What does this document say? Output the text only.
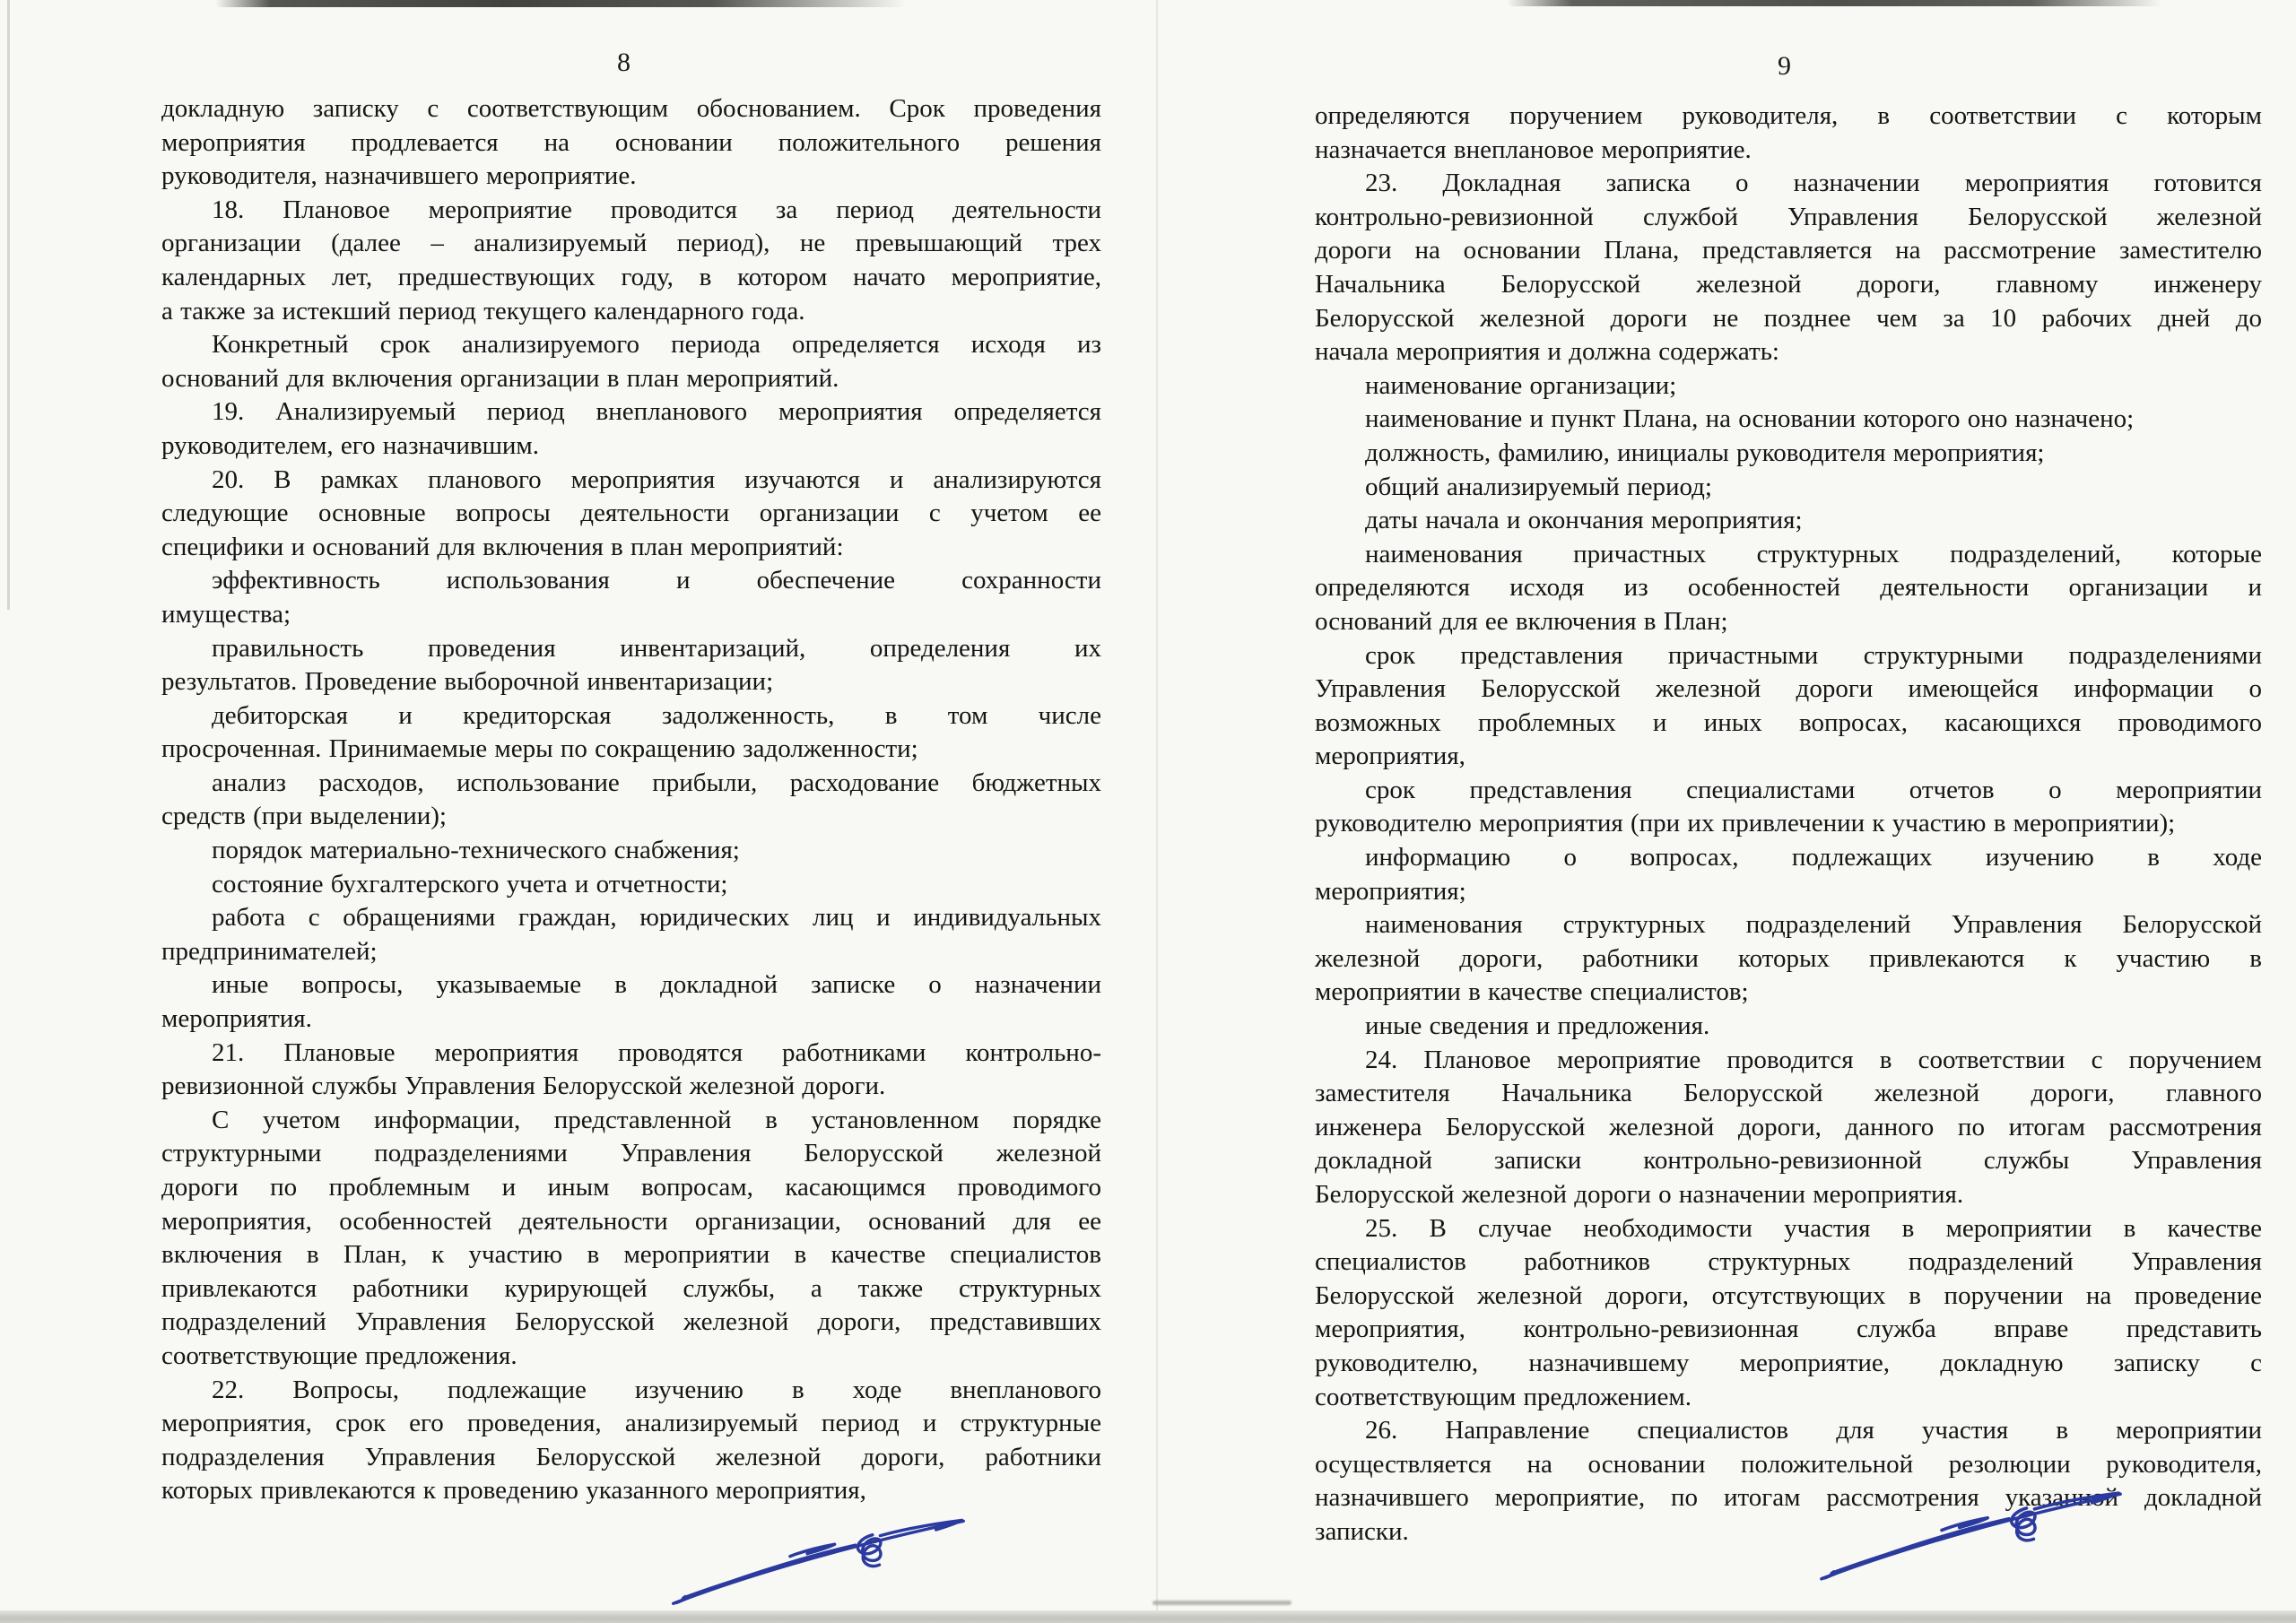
8
докладную записку с соответствующим обоснованием. Срок проведения
мероприятия продлевается на основании положительного решения
руководителя, назначившего мероприятие.
18. Плановое мероприятие проводится за период деятельности
организации (далее – анализируемый период), не превышающий трех
календарных лет, предшествующих году, в котором начато мероприятие,
а также за истекший период текущего календарного года.
Конкретный срок анализируемого периода определяется исходя из
оснований для включения организации в план мероприятий.
19. Анализируемый период внепланового мероприятия определяется
руководителем, его назначившим.
20. В рамках планового мероприятия изучаются и анализируются
следующие основные вопросы деятельности организации с учетом ее
специфики и оснований для включения в план мероприятий:
эффективность использования и обеспечение сохранности
имущества;
правильность проведения инвентаризаций, определения их
результатов. Проведение выборочной инвентаризации;
дебиторская и кредиторская задолженность, в том числе
просроченная. Принимаемые меры по сокращению задолженности;
анализ расходов, использование прибыли, расходование бюджетных
средств (при выделении);
порядок материально-технического снабжения;
состояние бухгалтерского учета и отчетности;
работа с обращениями граждан, юридических лиц и индивидуальных
предпринимателей;
иные вопросы, указываемые в докладной записке о назначении
мероприятия.
21. Плановые мероприятия проводятся работниками контрольно-
ревизионной службы Управления Белорусской железной дороги.
С учетом информации, представленной в установленном порядке
структурными подразделениями Управления Белорусской железной
дороги по проблемным и иным вопросам, касающимся проводимого
мероприятия, особенностей деятельности организации, оснований для ее
включения в План, к участию в мероприятии в качестве специалистов
привлекаются работники курирующей службы, а также структурных
подразделений Управления Белорусской железной дороги, представивших
соответствующие предложения.
22. Вопросы, подлежащие изучению в ходе внепланового
мероприятия, срок его проведения, анализируемый период и структурные
подразделения Управления Белорусской железной дороги, работники
которых привлекаются к проведению указанного мероприятия,
9
определяются поручением руководителя, в соответствии с которым
назначается внеплановое мероприятие.
23. Докладная записка о назначении мероприятия готовится
контрольно-ревизионной службой Управления Белорусской железной
дороги на основании Плана, представляется на рассмотрение заместителю
Начальника Белорусской железной дороги, главному инженеру
Белорусской железной дороги не позднее чем за 10 рабочих дней до
начала мероприятия и должна содержать:
наименование организации;
наименование и пункт Плана, на основании которого оно назначено;
должность, фамилию, инициалы руководителя мероприятия;
общий анализируемый период;
даты начала и окончания мероприятия;
наименования причастных структурных подразделений, которые
определяются исходя из особенностей деятельности организации и
оснований для ее включения в План;
срок представления причастными структурными подразделениями
Управления Белорусской железной дороги имеющейся информации о
возможных проблемных и иных вопросах, касающихся проводимого
мероприятия,
срок представления специалистами отчетов о мероприятии
руководителю мероприятия (при их привлечении к участию в мероприятии);
информацию о вопросах, подлежащих изучению в ходе
мероприятия;
наименования структурных подразделений Управления Белорусской
железной дороги, работники которых привлекаются к участию в
мероприятии в качестве специалистов;
иные сведения и предложения.
24. Плановое мероприятие проводится в соответствии с поручением
заместителя Начальника Белорусской железной дороги, главного
инженера Белорусской железной дороги, данного по итогам рассмотрения
докладной записки контрольно-ревизионной службы Управления
Белорусской железной дороги о назначении мероприятия.
25. В случае необходимости участия в мероприятии в качестве
специалистов работников структурных подразделений Управления
Белорусской железной дороги, отсутствующих в поручении на проведение
мероприятия, контрольно-ревизионная служба вправе представить
руководителю, назначившему мероприятие, докладную записку с
соответствующим предложением.
26. Направление специалистов для участия в мероприятии
осуществляется на основании положительной резолюции руководителя,
назначившего мероприятие, по итогам рассмотрения указанной докладной
записки.
